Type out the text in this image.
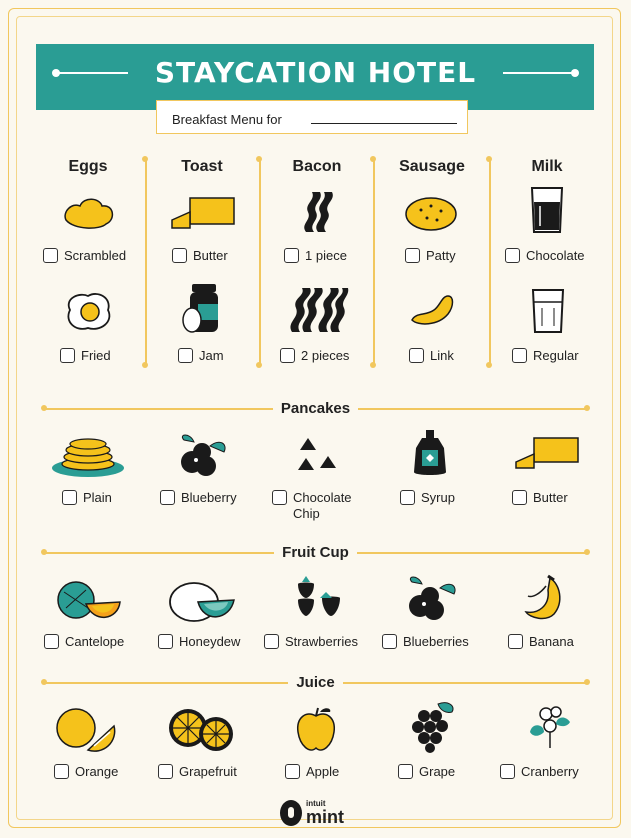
STAYCATION HOTEL
Breakfast Menu for
Eggs	Toast	Bacon	Sausage	Milk
Scrambled	Butter	1 piece	Patty	Chocolate
Fried	Jam	2 pieces	Link	Regular
Pancakes
Plain	Blueberry	Chocolate Chip
Syrup	Butter
Fruit Cup
Cantelope	Honeydew	Strawberries	Blueberries	Banana
Juice
Orange	Grapefruit	Apple	Grape	Cranberry
intuit
mint
